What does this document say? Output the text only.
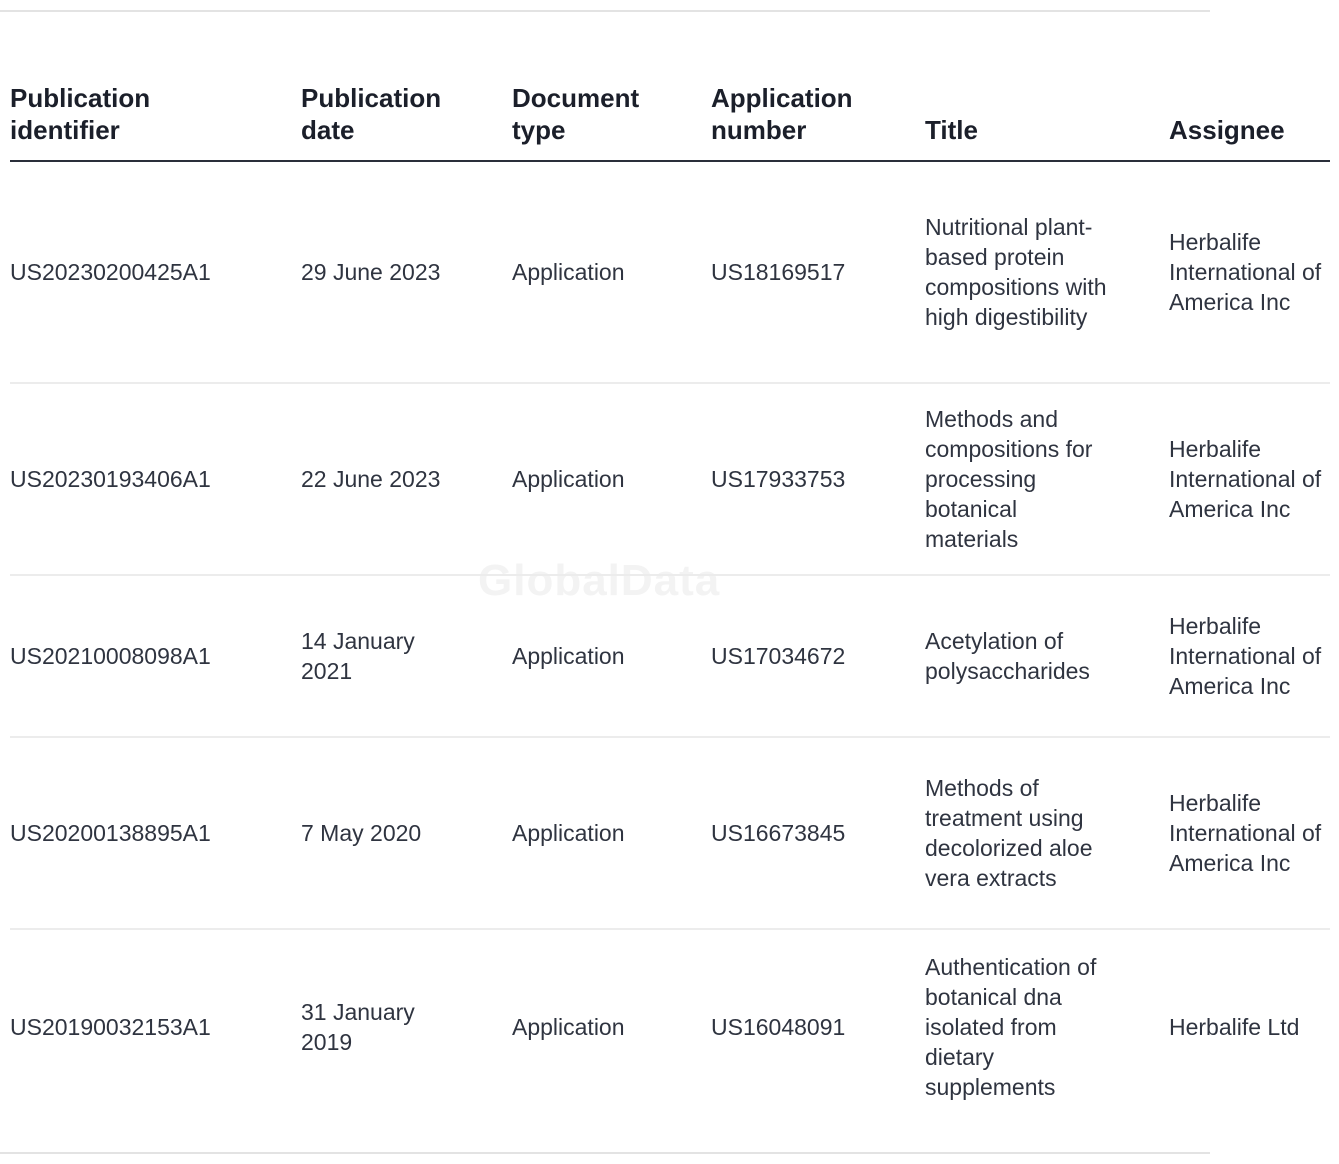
GlobalData
Publication identifier	Publication date	Document type	Application number	Title	Assignee

US20230200425A1	29 June 2023	Application	US18169517	Nutritional plant-based protein compositions with high digestibility	Herbalife International of America Inc

US20230193406A1	22 June 2023	Application	US17933753	Methods and compositions for processing botanical materials	Herbalife International of America Inc

US20210008098A1	14 January 2021	Application	US17034672	Acetylation of polysaccharides	Herbalife International of America Inc

US20200138895A1	7 May 2020	Application	US16673845	Methods of treatment using decolorized aloe vera extracts	Herbalife International of America Inc

US20190032153A1	31 January 2019	Application	US16048091	Authentication of botanical dna isolated from dietary supplements	Herbalife Ltd
